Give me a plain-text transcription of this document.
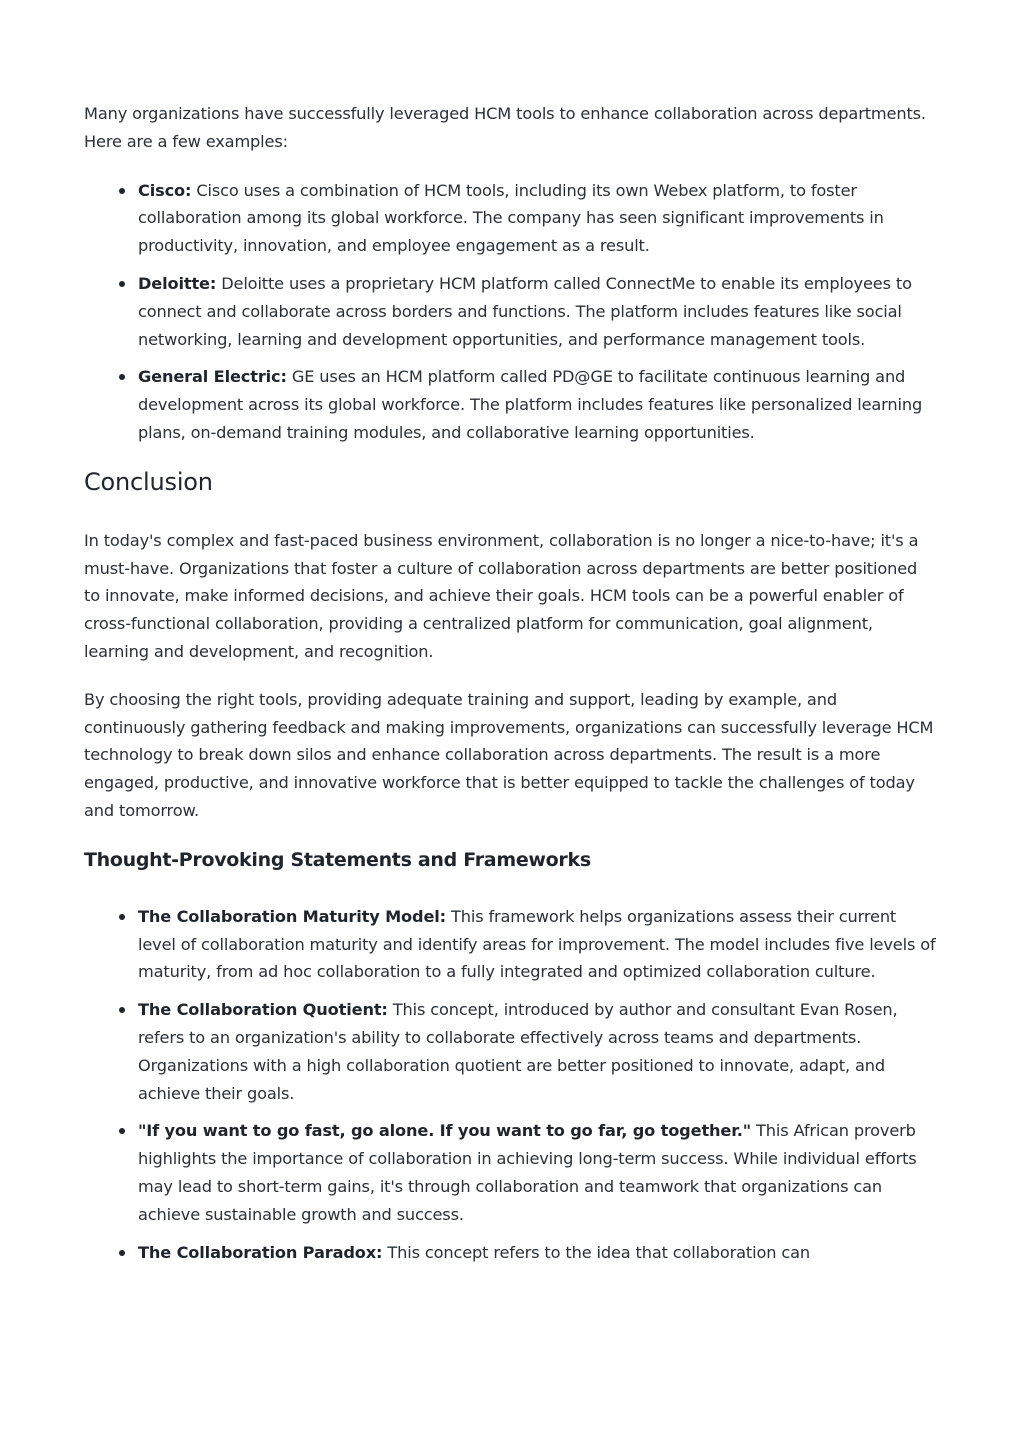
Many organizations have successfully leveraged HCM tools to enhance collaboration across departments. Here are a few examples:

Cisco: Cisco uses a combination of HCM tools, including its own Webex platform, to foster collaboration among its global workforce. The company has seen significant improvements in productivity, innovation, and employee engagement as a result.
Deloitte: Deloitte uses a proprietary HCM platform called ConnectMe to enable its employees to connect and collaborate across borders and functions. The platform includes features like social networking, learning and development opportunities, and performance management tools.
General Electric: GE uses an HCM platform called PD@GE to facilitate continuous learning and development across its global workforce. The platform includes features like personalized learning plans, on-demand training modules, and collaborative learning opportunities.
Conclusion

In today's complex and fast-paced business environment, collaboration is no longer a nice-to-have; it's a must-have. Organizations that foster a culture of collaboration across departments are better positioned to innovate, make informed decisions, and achieve their goals. HCM tools can be a powerful enabler of cross-functional collaboration, providing a centralized platform for communication, goal alignment, learning and development, and recognition.

By choosing the right tools, providing adequate training and support, leading by example, and continuously gathering feedback and making improvements, organizations can successfully leverage HCM technology to break down silos and enhance collaboration across departments. The result is a more engaged, productive, and innovative workforce that is better equipped to tackle the challenges of today and tomorrow.

Thought-Provoking Statements and Frameworks
The Collaboration Maturity Model: This framework helps organizations assess their current level of collaboration maturity and identify areas for improvement. The model includes five levels of maturity, from ad hoc collaboration to a fully integrated and optimized collaboration culture.
The Collaboration Quotient: This concept, introduced by author and consultant Evan Rosen, refers to an organization's ability to collaborate effectively across teams and departments. Organizations with a high collaboration quotient are better positioned to innovate, adapt, and achieve their goals.
"If you want to go fast, go alone. If you want to go far, go together." This African proverb highlights the importance of collaboration in achieving long-term success. While individual efforts may lead to short-term gains, it's through collaboration and teamwork that organizations can achieve sustainable growth and success.
The Collaboration Paradox: This concept refers to the idea that collaboration can
